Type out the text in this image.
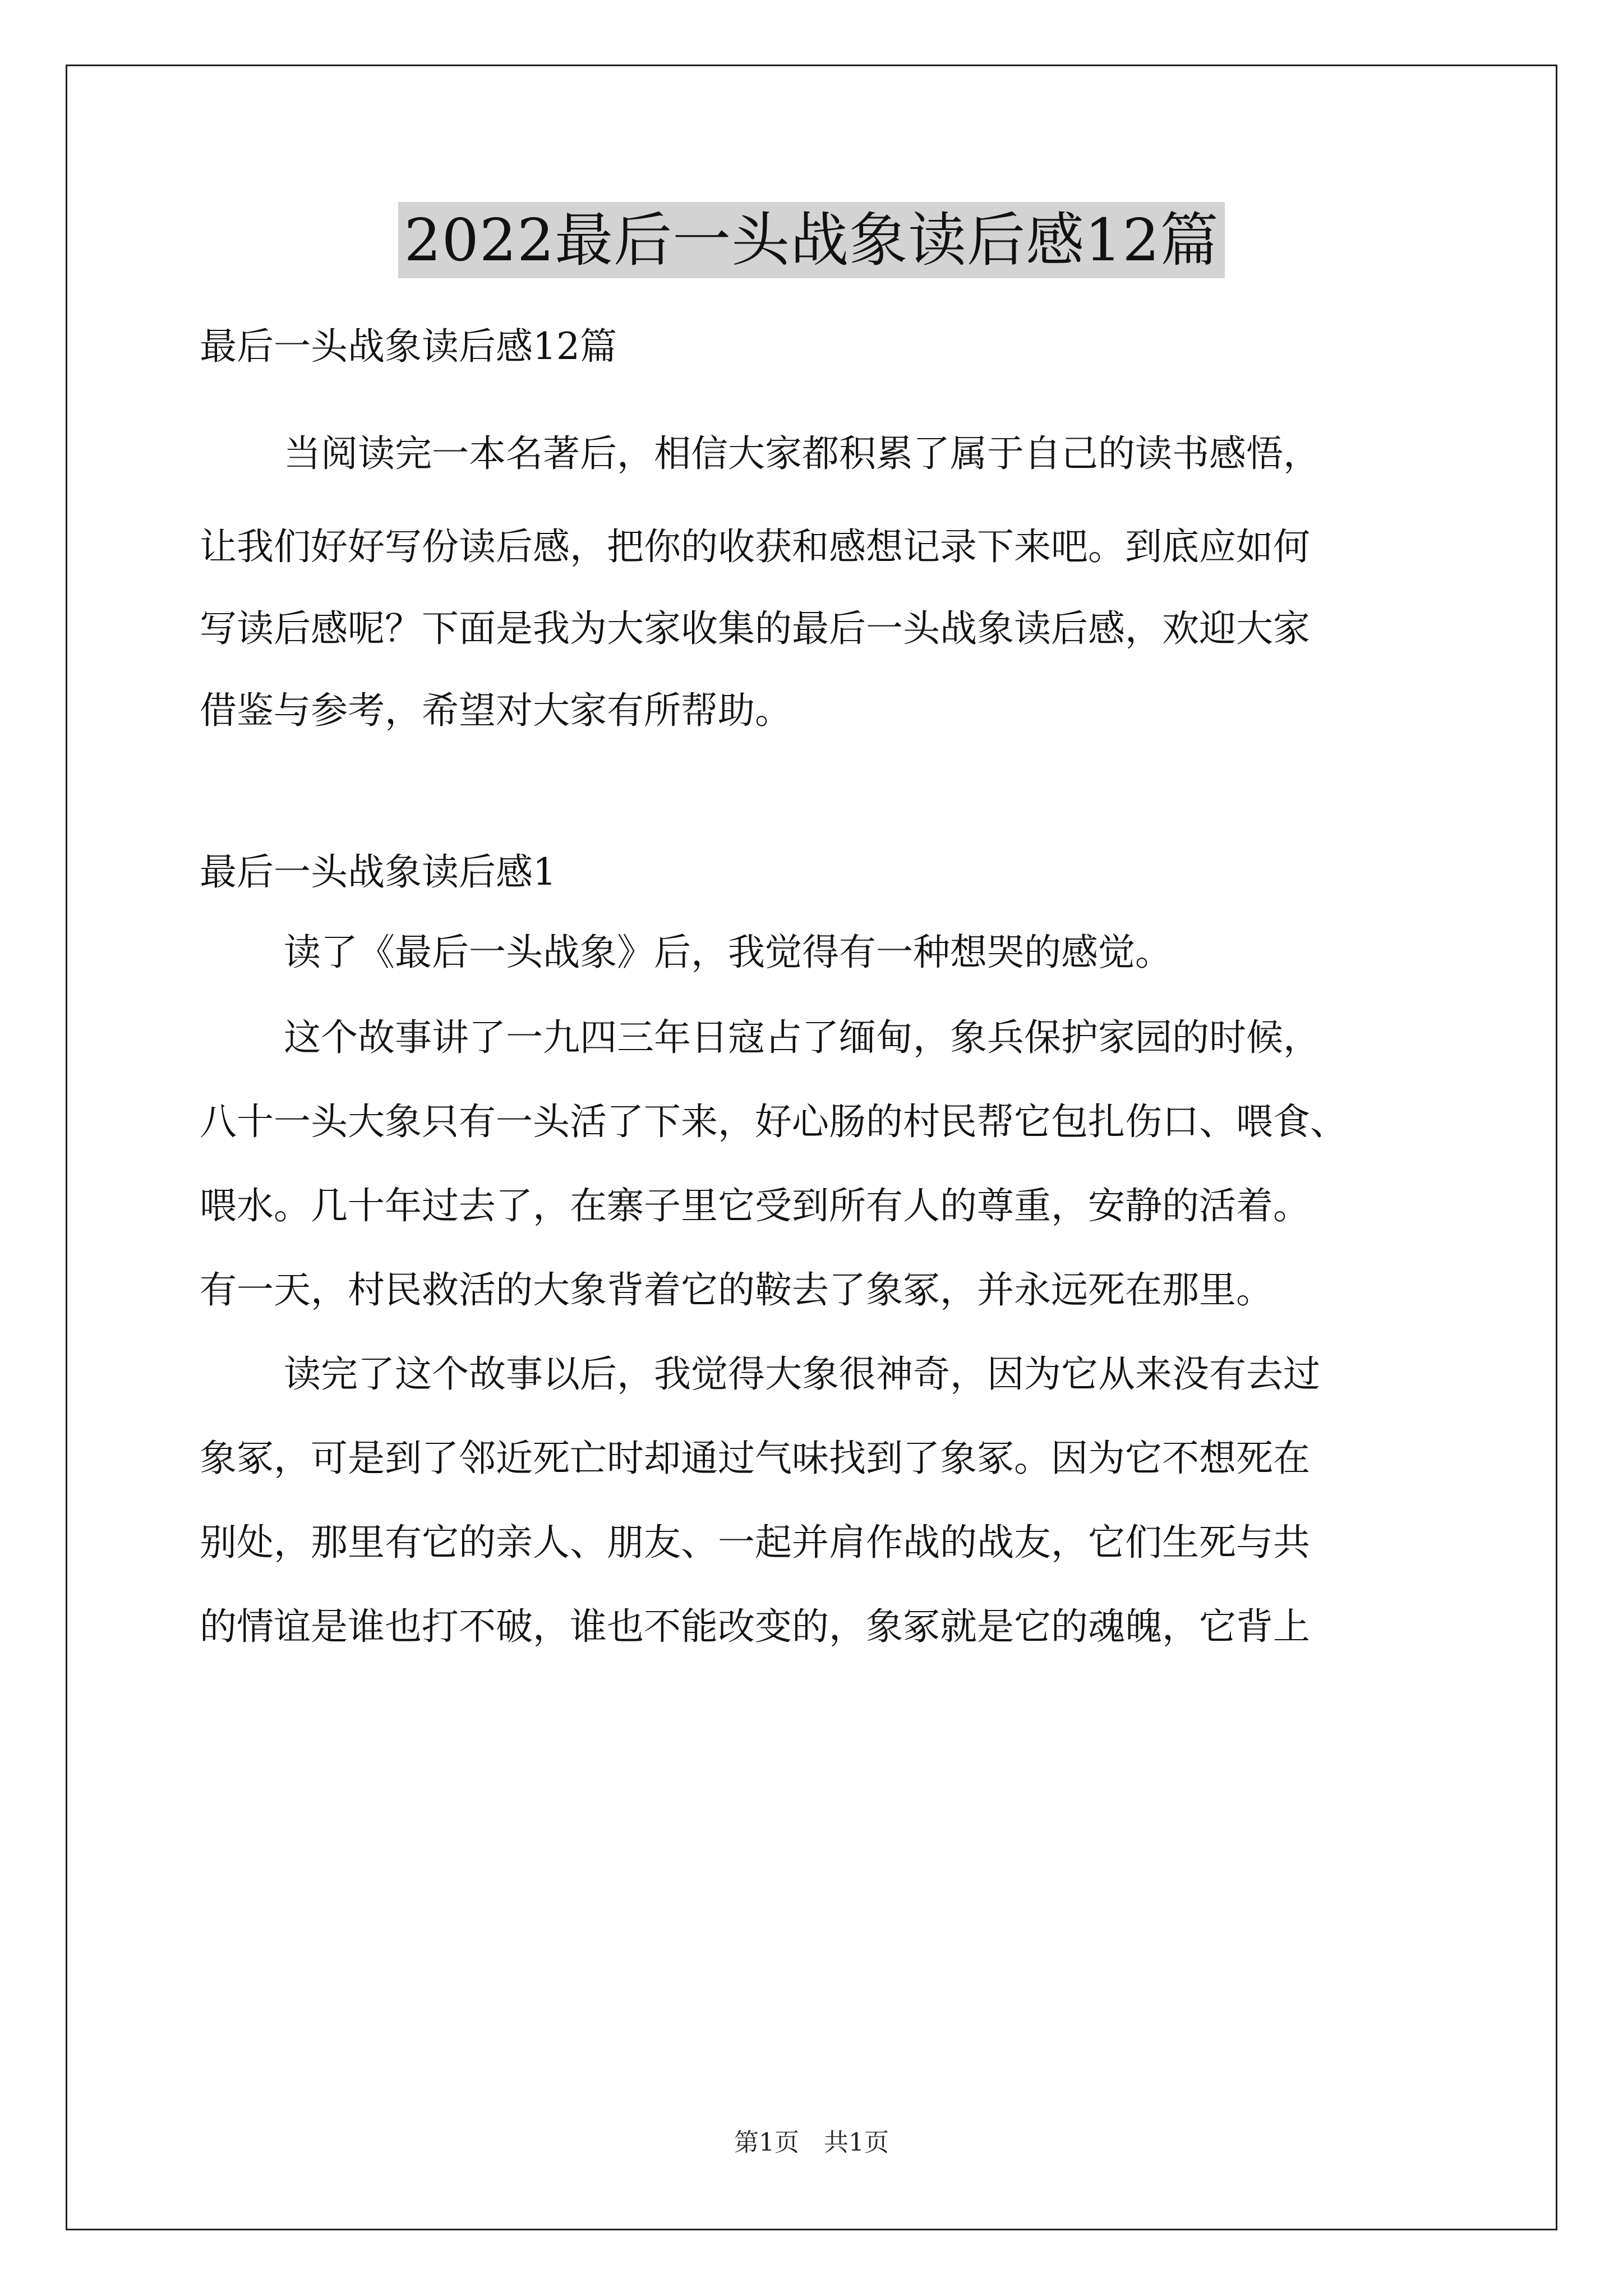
2022最后一头战象读后感12篇
最后一头战象读后感12篇
当阅读完一本名著后，相信大家都积累了属于自己的读书感悟，
让我们好好写份读后感，把你的收获和感想记录下来吧。到底应如何
写读后感呢？下面是我为大家收集的最后一头战象读后感，欢迎大家
借鉴与参考，希望对大家有所帮助。
最后一头战象读后感1
读了《最后一头战象》后，我觉得有一种想哭的感觉。
这个故事讲了一九四三年日寇占了缅甸，象兵保护家园的时候，
八十一头大象只有一头活了下来，好心肠的村民帮它包扎伤口、喂食、
喂水。几十年过去了，在寨子里它受到所有人的尊重，安静的活着。
有一天，村民救活的大象背着它的鞍去了象冢，并永远死在那里。
读完了这个故事以后，我觉得大象很神奇，因为它从来没有去过
象冢，可是到了邻近死亡时却通过气味找到了象冢。因为它不想死在
别处，那里有它的亲人、朋友、一起并肩作战的战友，它们生死与共
的情谊是谁也打不破，谁也不能改变的，象冢就是它的魂魄，它背上
第1页　共1页
